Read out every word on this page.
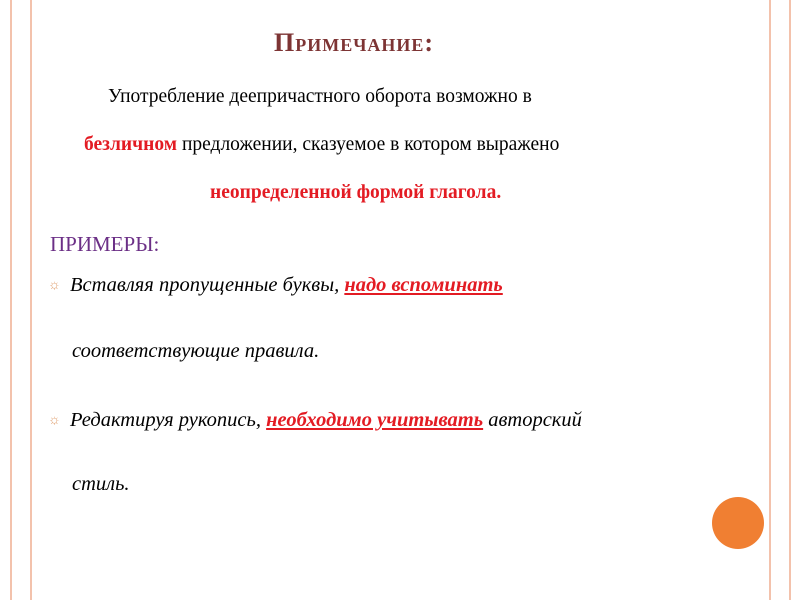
Примечание:
Употребление деепричастного оборота возможно в
безличном предложении, сказуемое в котором выражено
неопределенной формой глагола.
ПРИМЕРЫ:
☼ Вставляя пропущенные буквы, надо вспоминать
соответствующие правила.
☼ Редактируя рукопись, необходимо учитывать авторский
стиль.
